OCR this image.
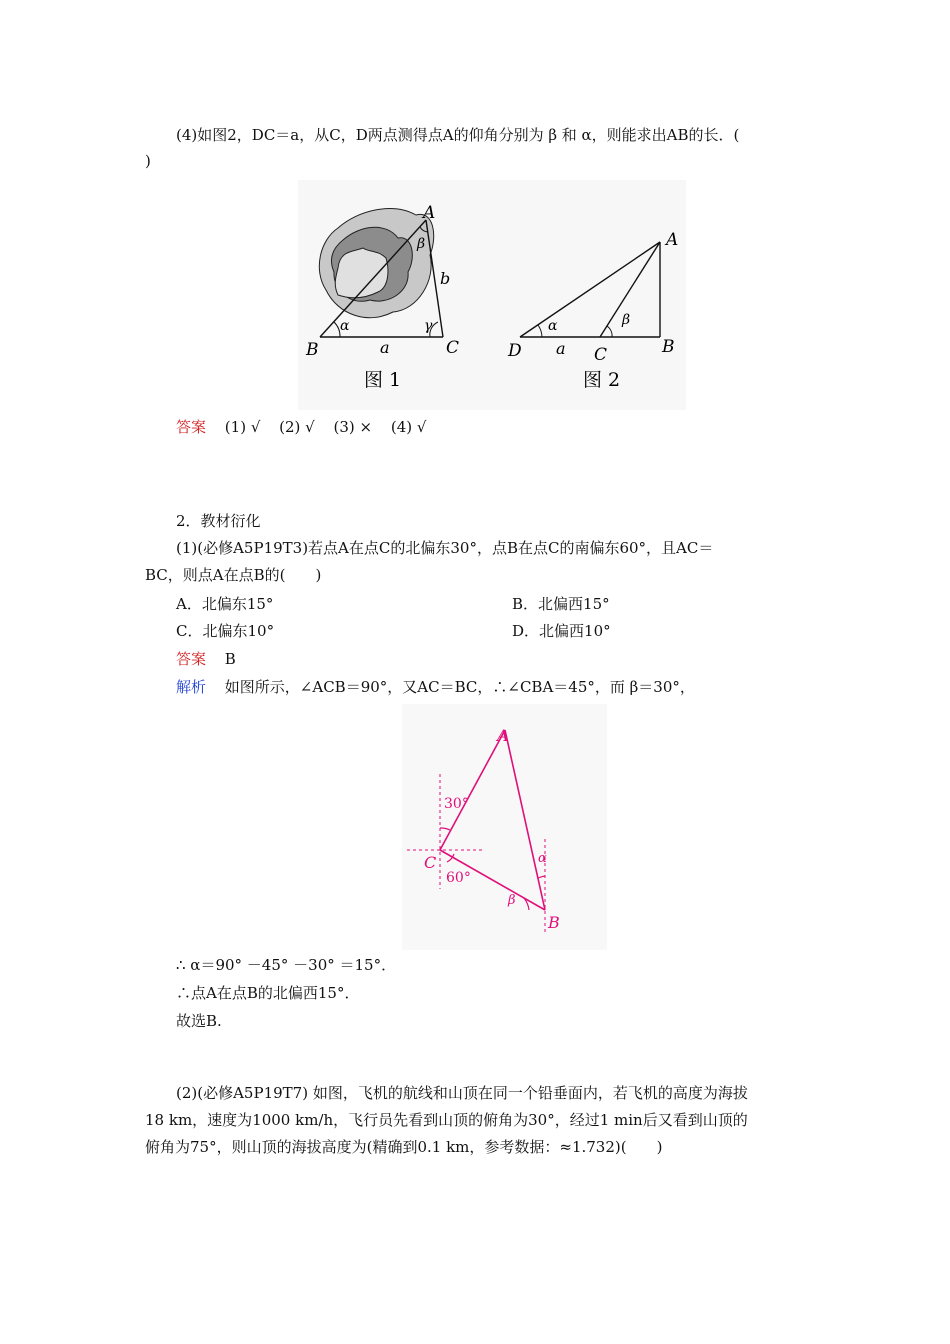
(4)如图2，DC＝a，从C，D两点测得点A的仰角分别为 β 和 α，则能求出AB的长．(
)
A
B	C
a
b
α
β
γ
图 1
A
B
C
D a
α	β
图 2
答案 (1) √ (2) √ (3) × (4) √
2．教材衍化
(1)(必修A5P19T3)若点A在点C的北偏东30°，点B在点C的南偏东60°，且AC＝
BC，则点A在点B的(　　)
A．北偏东15°	B．北偏西15°
C．北偏东10°	D．北偏西10°
答案 B
解析 如图所示，∠ACB＝90°，又AC＝BC，∴∠CBA＝45°，而 β＝30°，
A
B
C
30°
60°
α
β
∴ α＝90° －45° －30° ＝15°．
∴点A在点B的北偏西15°．
故选B.
(2)(必修A5P19T7) 如图，飞机的航线和山顶在同一个铅垂面内，若飞机的高度为海拔
18 km，速度为1000 km/h，飞行员先看到山顶的俯角为30°，经过1 min后又看到山顶的
俯角为75°，则山顶的海拔高度为(精确到0.1 km，参考数据：≈1.732)(　　)
